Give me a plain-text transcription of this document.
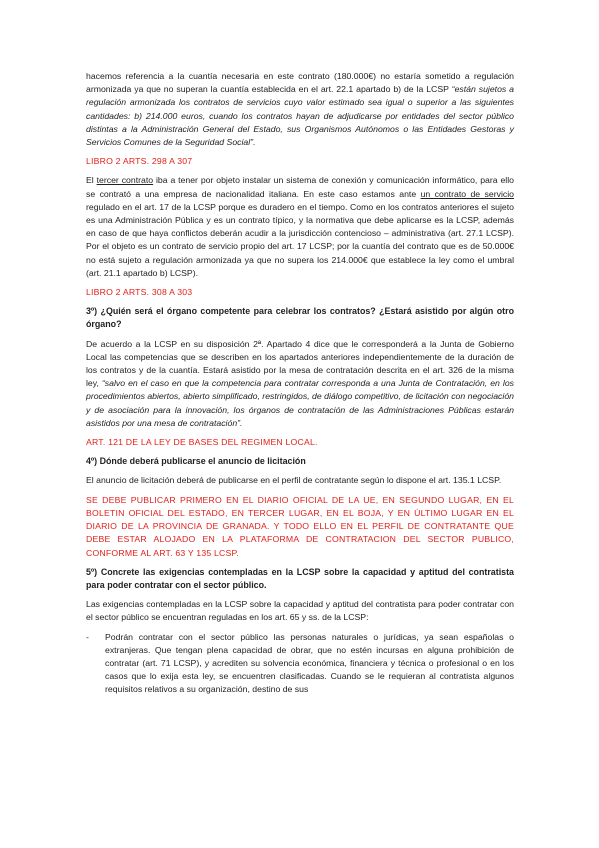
hacemos referencia a la cuantía necesaria en este contrato (180.000€) no estaría sometido a regulación armonizada ya que no superan la cuantía establecida en el art. 22.1 apartado b) de la LCSP “están sujetos a regulación armonizada los contratos de servicios cuyo valor estimado sea igual o superior a las siguientes cantidades: b) 214.000 euros, cuando los contratos hayan de adjudicarse por entidades del sector público distintas a la Administración General del Estado, sus Organismos Autónomos o las Entidades Gestoras y Servicios Comunes de la Seguridad Social”.

LIBRO 2 ARTS. 298 A 307

El tercer contrato iba a tener por objeto instalar un sistema de conexión y comunicación informático, para ello se contrató a una empresa de nacionalidad italiana. En este caso estamos ante un contrato de servicio regulado en el art. 17 de la LCSP porque es duradero en el tiempo. Como en los contratos anteriores el sujeto es una Administración Pública y es un contrato típico, y la normativa que debe aplicarse es la LCSP, además en caso de que haya conflictos deberán acudir a la jurisdicción contencioso – administrativa (art. 27.1 LCSP). Por el objeto es un contrato de servicio propio del art. 17 LCSP; por la cuantía del contrato que es de 50.000€ no está sujeto a regulación armonizada ya que no supera los 214.000€ que establece la ley como el umbral (art. 21.1 apartado b) LCSP).

LIBRO 2 ARTS. 308 A 303

3º) ¿Quién será el órgano competente para celebrar los contratos? ¿Estará asistido por algún otro órgano?

De acuerdo a la LCSP en su disposición 2ª. Apartado 4 dice que le corresponderá a la Junta de Gobierno Local las competencias que se describen en los apartados anteriores independientemente de la duración de los contratos y de la cuantía. Estará asistido por la mesa de contratación descrita en el art. 326 de la misma ley, “salvo en el caso en que la competencia para contratar corresponda a una Junta de Contratación, en los procedimientos abiertos, abierto simplificado, restringidos, de diálogo competitivo, de licitación con negociación y de asociación para la innovación, los órganos de contratación de las Administraciones Públicas estarán asistidos por una mesa de contratación”.

ART. 121 DE LA LEY DE BASES DEL REGIMEN LOCAL.

4º) Dónde deberá publicarse el anuncio de licitación

El anuncio de licitación deberá de publicarse en el perfil de contratante según lo dispone el art. 135.1 LCSP.

SE DEBE PUBLICAR PRIMERO EN EL DIARIO OFICIAL DE LA UE, EN SEGUNDO LUGAR, EN EL BOLETIN OFICIAL DEL ESTADO, EN TERCER LUGAR, EN EL BOJA, Y EN ÚLTIMO LUGAR EN EL DIARIO DE LA PROVINCIA DE GRANADA. Y TODO ELLO EN EL PERFIL DE CONTRATANTE QUE DEBE ESTAR ALOJADO EN LA PLATAFORMA DE CONTRATACION DEL SECTOR PUBLICO, CONFORME AL ART. 63 Y 135 LCSP.

5º) Concrete las exigencias contempladas en la LCSP sobre la capacidad y aptitud del contratista para poder contratar con el sector público.

Las exigencias contempladas en la LCSP sobre la capacidad y aptitud del contratista para poder contratar con el sector público se encuentran reguladas en los art. 65 y ss. de la LCSP:

- Podrán contratar con el sector público las personas naturales o jurídicas, ya sean españolas o extranjeras. Que tengan plena capacidad de obrar, que no estén incursas en alguna prohibición de contratar (art. 71 LCSP), y acrediten su solvencia económica, financiera y técnica o profesional o en los casos que lo exija esta ley, se encuentren clasificadas. Cuando se le requieran al contratista algunos requisitos relativos a su organización, destino de sus
